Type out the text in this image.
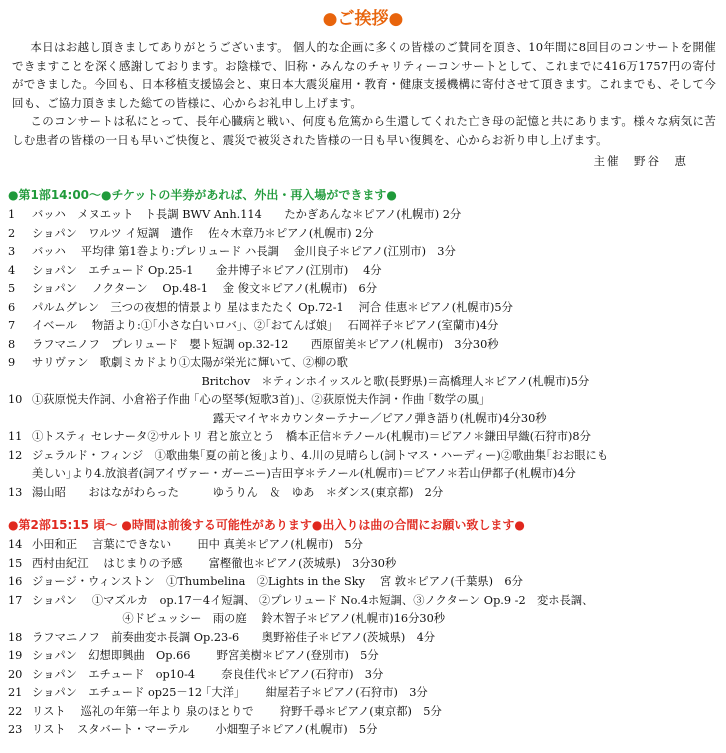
●ご挨拶●

本日はお越し頂きましてありがとうございます。 個人的な企画に多くの皆様のご賛同を頂き、10年間に8回目のコンサートを開催できますことを深く感謝しております。お陰様で、旧称・みんなのチャリティーコンサートとして、これまでに416万1757円の寄付ができました。今回も、日本移植支援協会と、東日本大震災雇用・教育・健康支援機構に寄付させて頂きます。これまでも、そして今回も、ご協力頂きました総ての皆様に、心からお礼申し上げます。

このコンサートは私にとって、長年心臓病と戦い、何度も危篤から生還してくれた亡き母の記憶と共にあります。様々な病気に苦しむ患者の皆様の一日も早いご快復と、震災で被災された皆様の一日も早い復興を、心からお祈り申し上げます。

主催　野谷　恵
●第1部14:00～●チケットの半券があれば、外出・再入場ができます●
1	バッハ　メヌエット　ト長調 BWV Anh.114　　たかぎあんな＊ピアノ(札幌市) 2分
2	ショパン　ワルツ イ短調　遺作　 佐々木章乃＊ピアノ(札幌市) 2分
3	バッハ　 平均律 第1巻より:プレリュード ハ長調　 金川良子＊ピアノ(江別市)　3分
4	ショパン　エチュード Op.25-1　　金井博子＊ピアノ(江別市)　 4分
5	ショパン　 ノクターン　 Op.48-1　 金 俊文＊ピアノ(札幌市)　6分
6	パルムグレン　三つの夜想的情景より 星はまたたく Op.72-1　 河合 佳恵＊ピアノ(札幌市)5分
7	イベール　 物語より:①｢小さな白いロバ｣、②｢おてんば娘｣　 石岡祥子＊ピアノ(室蘭市)4分
8	ラフマニノフ　プレリュード　嬰ト短調 op.32-12　　西原留美＊ピアノ(札幌市)　3分30秒
9	サリヴァン　歌劇ミカドより①太陽が栄光に輝いて、②柳の歌
　　　　　　　　　　　　　　　Britchov　＊ティンホイッスルと歌(長野県)＝高橋理人＊ピアノ(札幌市)5分
10 ①荻原悦夫作詞、小倉裕子作曲 ｢心の堅琴(短歌3首)｣、②荻原悦夫作詞・作曲 ｢数学の風｣
　　　　　　　　　　　　　　　　露天マイヤ＊カウンターテナー／ピアノ弾き語り(札幌市)4分30秒
11 ①トスティ セレナータ②サルトリ 君と旅立とう　橋本正信＊テノール(札幌市)＝ピアノ＊鎌田早織(石狩市)8分
12 ジェラルド・フィンジ　①歌曲集｢夏の前と後｣より、4.川の見晴らし(詞トマス・ハーディー)②歌曲集｢おお眼にも
美しい｣より4.放浪者(詞アイヴァー・ガーニー)吉田亨＊テノール(札幌市)＝ピアノ＊若山伊都子(札幌市)4分
13 湯山昭　　おはながわらった　　　ゆうりん　＆　ゆあ　＊ダンス(東京都)　2分
●第2部15:15 頃～ ●時間は前後する可能性があります●出入りは曲の合間にお願い致します●
14 小田和正　 言葉にできない　　 田中 真美＊ピアノ(札幌市)　5分
15 西村由紀江　 はじまりの予感　　 富樫徹也＊ピアノ(茨城県)　3分30秒
16 ジョージ・ウィンストン　①Thumbelina　②Lights in the Sky　 宮 敦＊ピアノ(千葉県)　6分
17 ショパン　 ①マズルカ　op.17－4イ短調、 ②プレリュード No.4ホ短調、③ノクターン Op.9 -2　変ホ長調、
　　　　　　　　④ドビュッシー　雨の庭　 鈴木智子＊ピアノ(札幌市)16分30秒
18 ラフマニノフ　前奏曲変ホ長調 Op.23-6　　奥野裕佳子＊ピアノ(茨城県)　4分
19 ショパン　幻想即興曲　Op.66　　 野宮美樹＊ピアノ(登別市)　5分
20 ショパン　エチュード　op10-4　　 奈良佳代＊ピアノ(石狩市)　3分
21 ショパン　エチュード op25－12 ｢大洋｣　　 紺屋若子＊ピアノ(石狩市)　3分
22 リスト　 巡礼の年第一年より 泉のほとりで　　 狩野千尋＊ピアノ(東京都)　5分
23 リスト　スタバート・マーテル　　 小畑聖子＊ピアノ(札幌市)　5分
